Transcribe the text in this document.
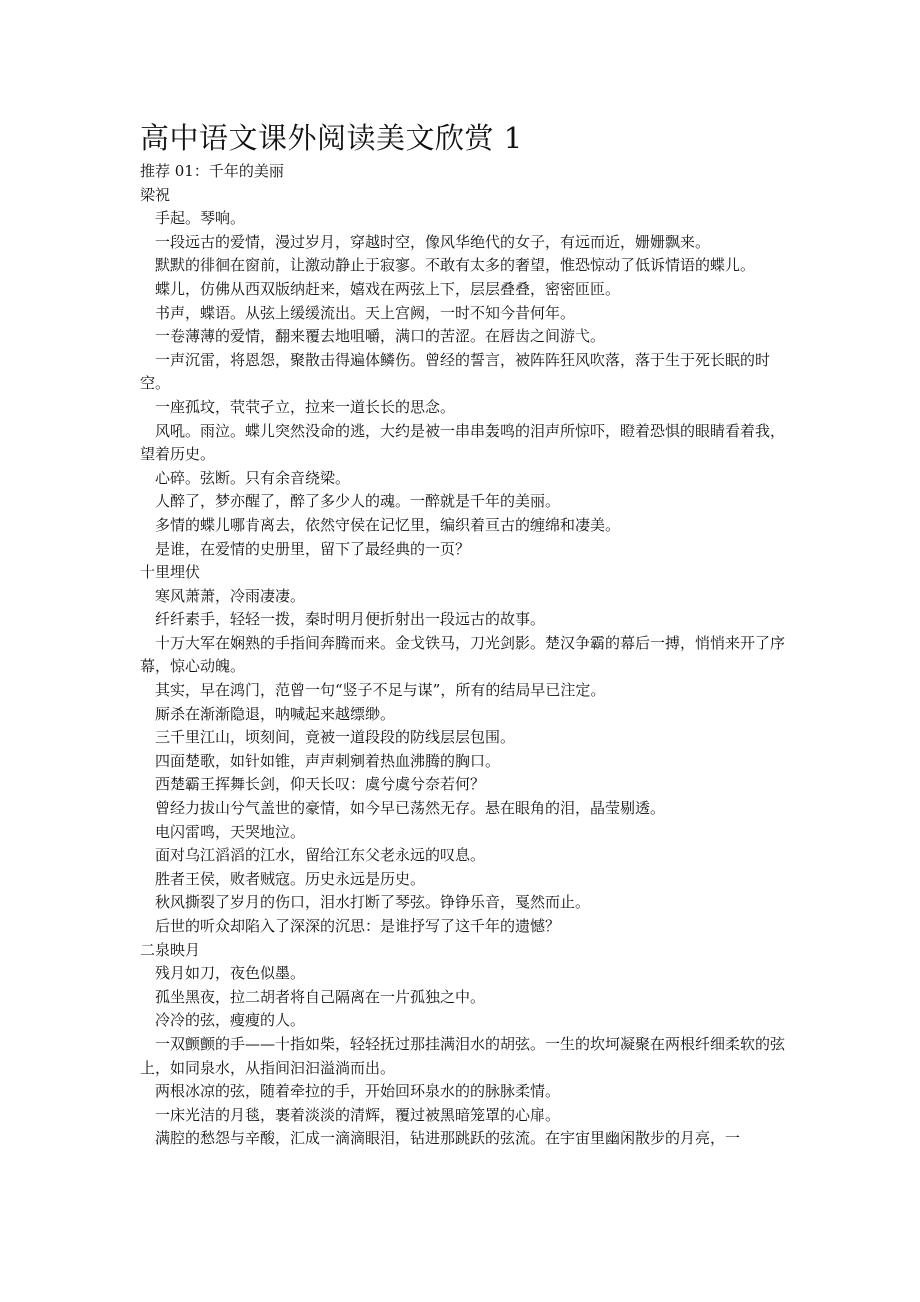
高中语文课外阅读美文欣赏 1
推荐 01：千年的美丽
梁祝
手起。琴响。
一段远古的爱情，漫过岁月，穿越时空，像风华绝代的女子，有远而近，姗姗飘来。
默默的徘徊在窗前，让激动静止于寂寥。不敢有太多的奢望，惟恐惊动了低诉情语的蝶儿。
蝶儿，仿佛从西双版纳赶来，嬉戏在两弦上下，层层叠叠，密密匝匝。
书声，蝶语。从弦上缓缓流出。天上宫阙，一时不知今昔何年。
一卷薄薄的爱情，翻来覆去地咀嚼，满口的苦涩。在唇齿之间游弋。
一声沉雷，将恩怨，聚散击得遍体鳞伤。曾经的誓言，被阵阵狂风吹落，落于生于死长眠的时空。
一座孤坟，茕茕孑立，拉来一道长长的思念。
风吼。雨泣。蝶儿突然没命的逃，大约是被一串串轰鸣的泪声所惊吓，瞪着恐惧的眼睛看着我，望着历史。
心碎。弦断。只有余音绕梁。
人醉了，梦亦醒了，醉了多少人的魂。一醉就是千年的美丽。
多情的蝶儿哪肯离去，依然守侯在记忆里，编织着亘古的缠绵和凄美。
是谁，在爱情的史册里，留下了最经典的一页？
十里埋伏
寒风萧萧，冷雨凄凄。
纤纤素手，轻轻一拨，秦时明月便折射出一段远古的故事。
十万大军在娴熟的手指间奔腾而来。金戈铁马，刀光剑影。楚汉争霸的幕后一搏，悄悄来开了序幕，惊心动魄。
其实，早在鸿门，范曾一句“竖子不足与谋”，所有的结局早已注定。
厮杀在渐渐隐退，呐喊起来越缥缈。
三千里江山，顷刻间，竟被一道段段的防线层层包围。
四面楚歌，如针如锥，声声刺剜着热血沸腾的胸口。
西楚霸王挥舞长剑，仰天长叹：虞兮虞兮奈若何？
曾经力拔山兮气盖世的豪情，如今早已荡然无存。悬在眼角的泪，晶莹剔透。
电闪雷鸣，天哭地泣。
面对乌江滔滔的江水，留给江东父老永远的叹息。
胜者王侯，败者贼寇。历史永远是历史。
秋风撕裂了岁月的伤口，泪水打断了琴弦。铮铮乐音，戛然而止。
后世的听众却陷入了深深的沉思：是谁抒写了这千年的遗憾？
二泉映月
残月如刀，夜色似墨。
孤坐黑夜，拉二胡者将自己隔离在一片孤独之中。
冷冷的弦，瘦瘦的人。
一双颤颤的手——十指如柴，轻轻抚过那挂满泪水的胡弦。一生的坎坷凝聚在两根纤细柔软的弦上，如同泉水，从指间汩汩溢淌而出。
两根冰凉的弦，随着牵拉的手，开始回环泉水的的脉脉柔情。
一床光洁的月毯，裹着淡淡的清辉，覆过被黑暗笼罩的心扉。
满腔的愁怨与辛酸，汇成一滴滴眼泪，钻进那跳跃的弦流。在宇宙里幽闲散步的月亮，一
